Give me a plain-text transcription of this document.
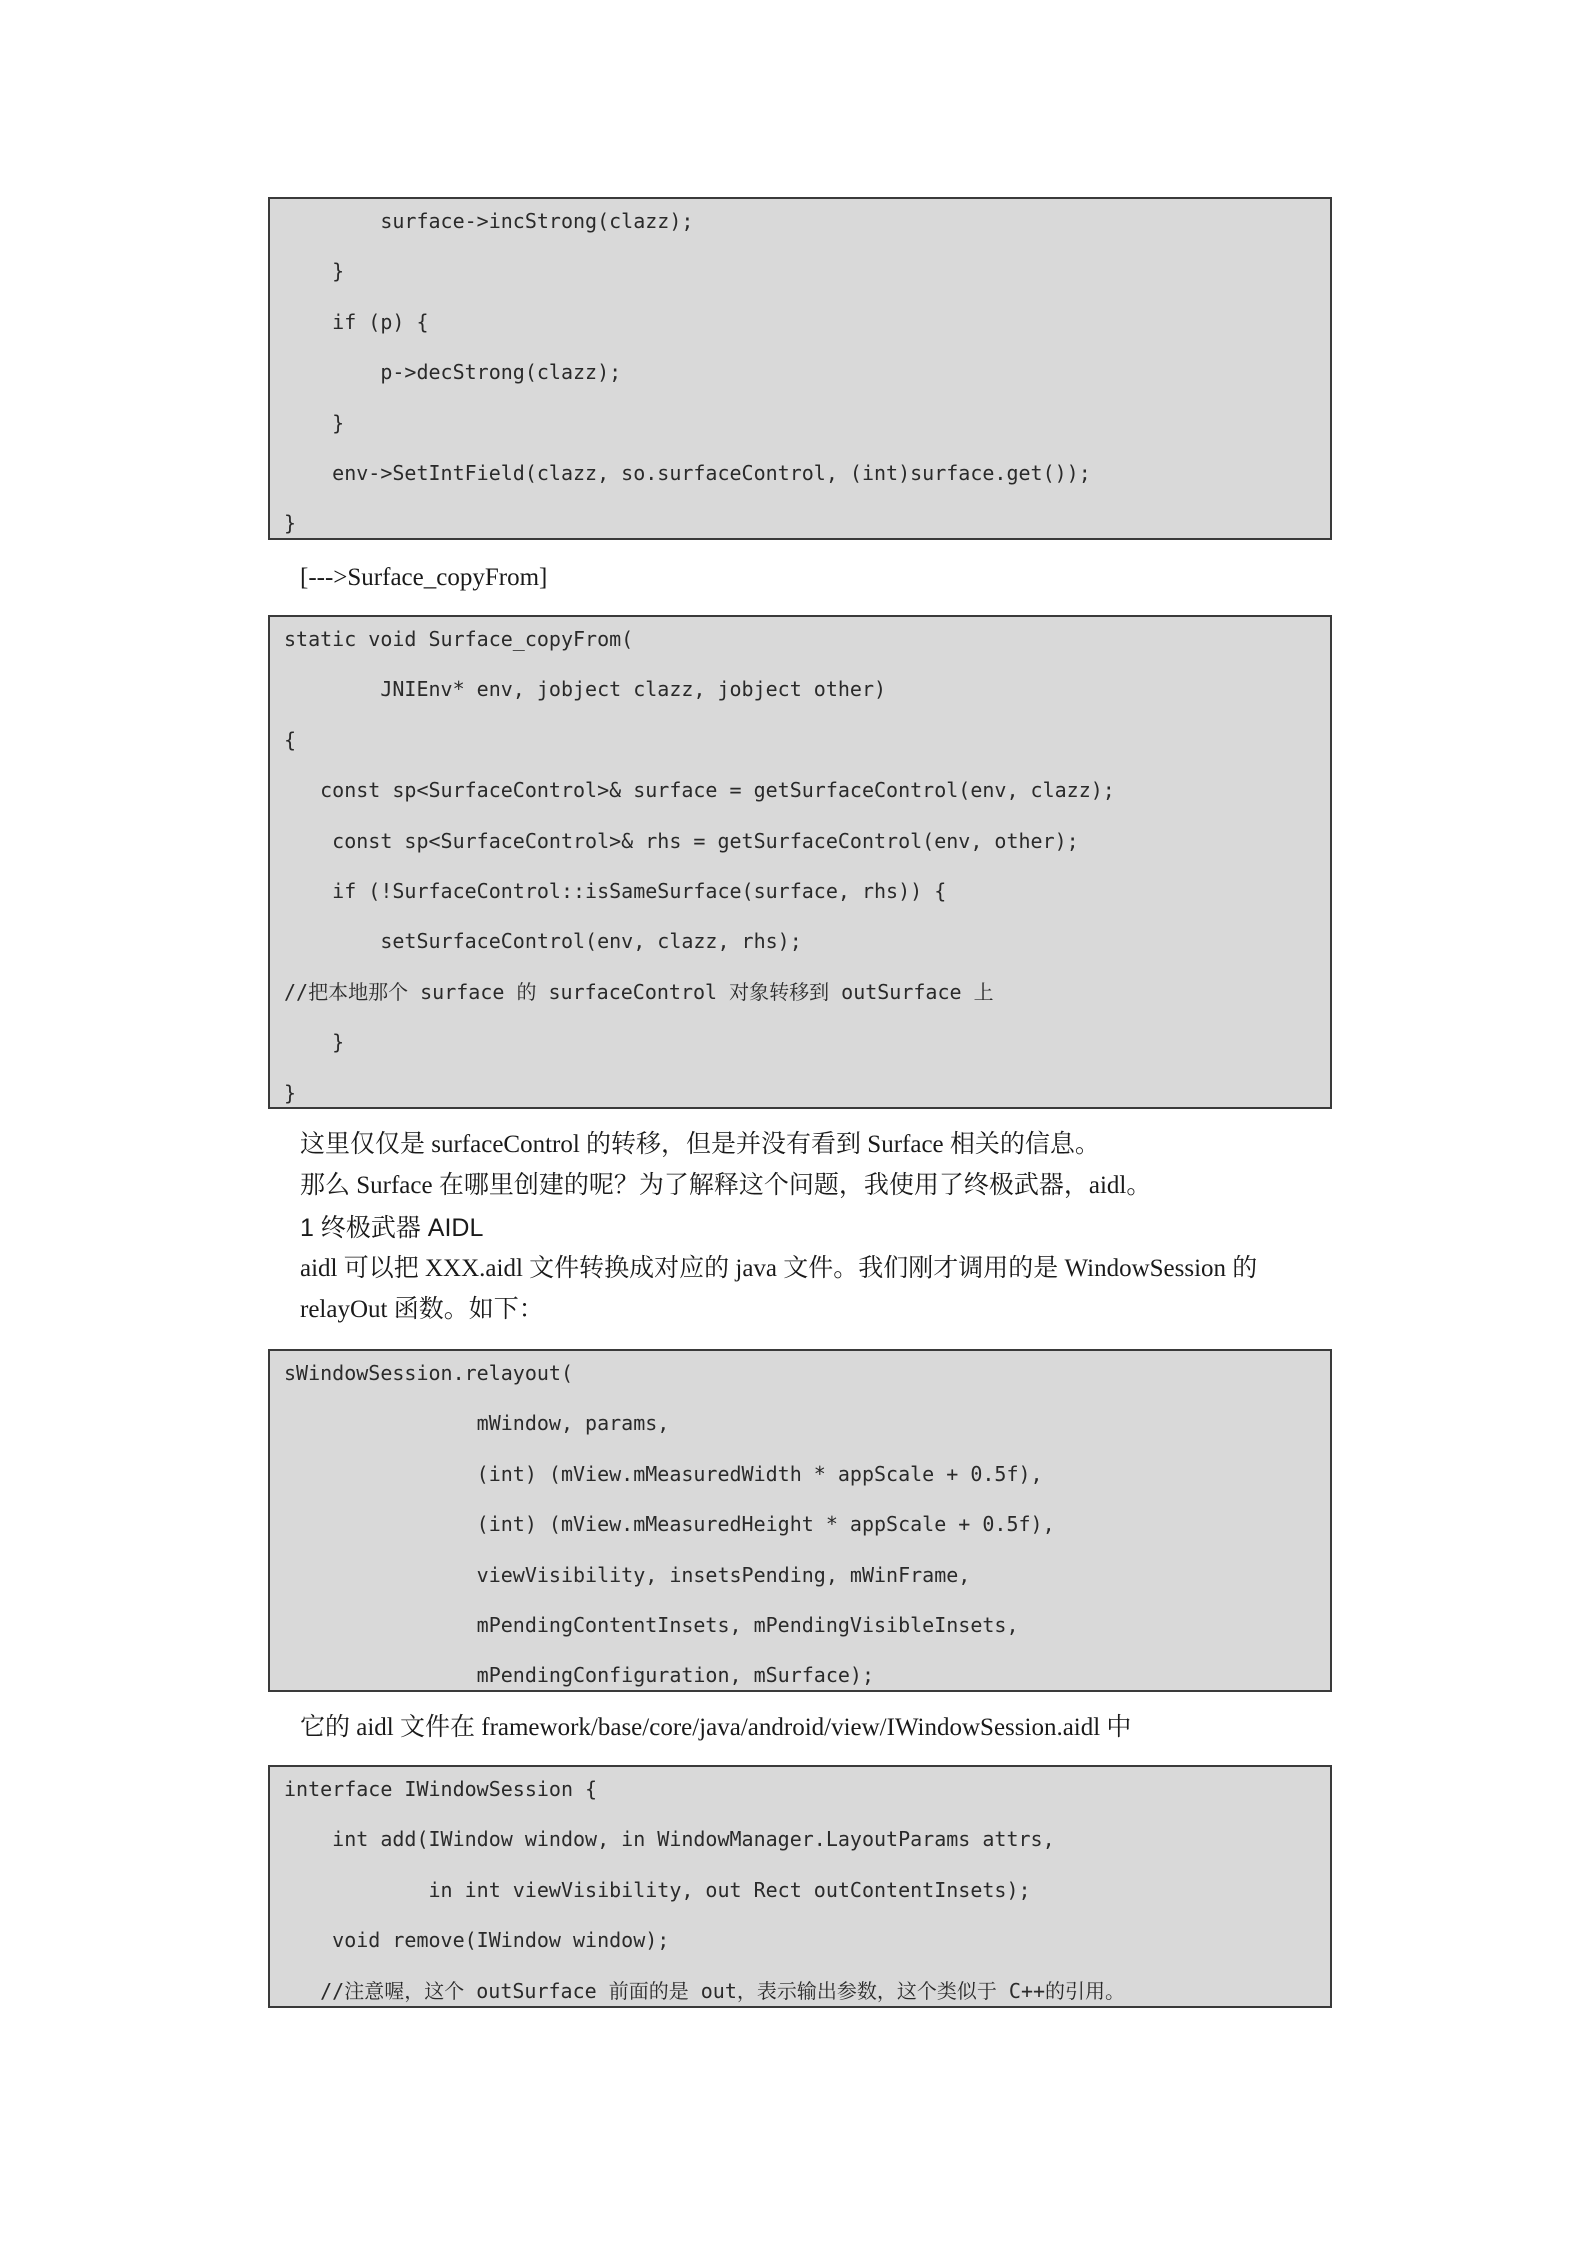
surface->incStrong(clazz);
}
if (p) {
p->decStrong(clazz);
}
env->SetIntField(clazz, so.surfaceControl, (int)surface.get());
}
[--->Surface_copyFrom]
static void Surface_copyFrom(
JNIEnv* env, jobject clazz, jobject other)
{
const sp<SurfaceControl>& surface = getSurfaceControl(env, clazz);
const sp<SurfaceControl>& rhs = getSurfaceControl(env, other);
if (!SurfaceControl::isSameSurface(surface, rhs)) {
setSurfaceControl(env, clazz, rhs);
//把本地那个 surface 的 surfaceControl 对象转移到 outSurface 上
}
}
这里仅仅是 surfaceControl 的转移，但是并没有看到 Surface 相关的信息。
那么 Surface 在哪里创建的呢？为了解释这个问题，我使用了终极武器，aidl。
1 终极武器 AIDL
aidl 可以把 XXX.aidl 文件转换成对应的 java 文件。我们刚才调用的是 WindowSession 的
relayOut 函数。如下：
sWindowSession.relayout(
mWindow, params,
(int) (mView.mMeasuredWidth * appScale + 0.5f),
(int) (mView.mMeasuredHeight * appScale + 0.5f),
viewVisibility, insetsPending, mWinFrame,
mPendingContentInsets, mPendingVisibleInsets,
mPendingConfiguration, mSurface);
它的 aidl 文件在 framework/base/core/java/android/view/IWindowSession.aidl 中
interface IWindowSession {
int add(IWindow window, in WindowManager.LayoutParams attrs,
in int viewVisibility, out Rect outContentInsets);
void remove(IWindow window);
//注意喔，这个 outSurface 前面的是 out，表示输出参数，这个类似于 C++的引用。
